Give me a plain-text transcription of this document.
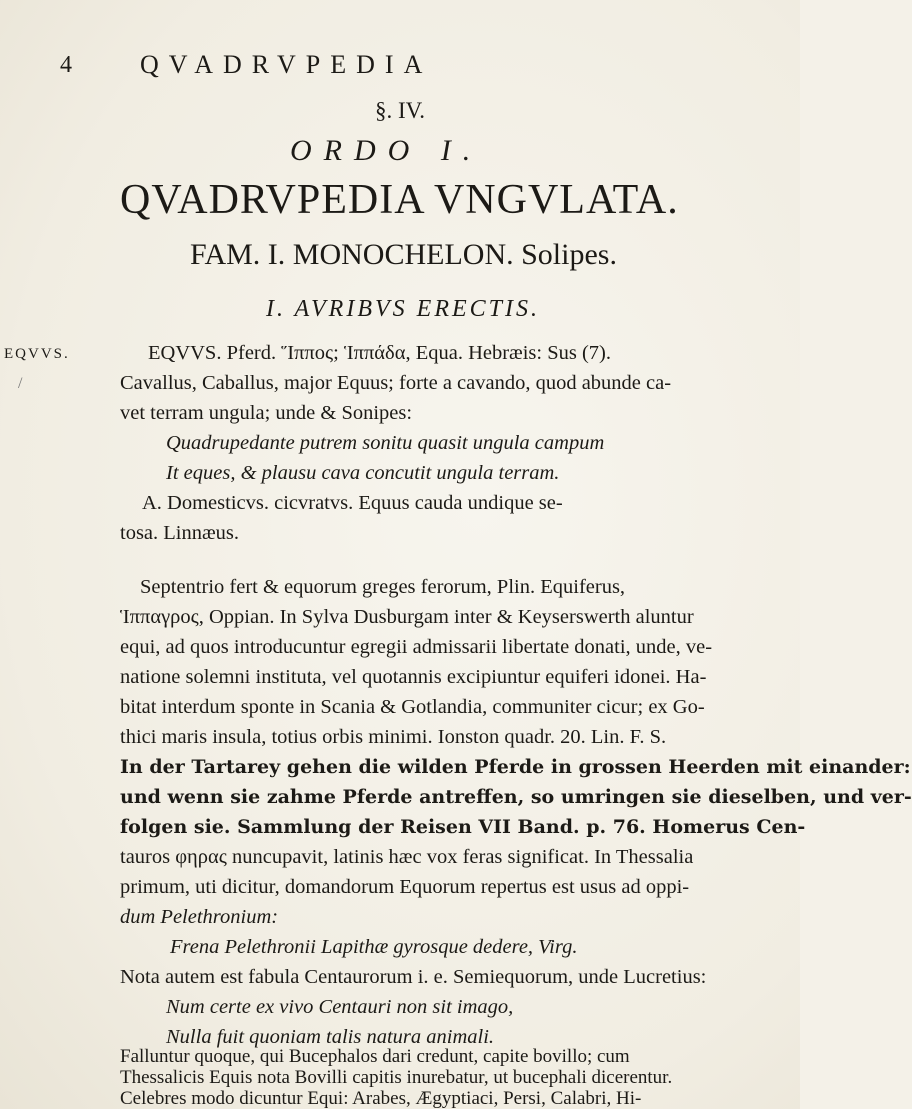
4	QVADRVPEDIA
§. IV.
ORDO I.
QVADRVPEDIA VNGVLATA.
FAM. I. MONOCHELON. Solipes.
I. AVRIBVS ERECTIS.
EQVVS.
/
EQVVS. Pferd. Ἵππος; Ἱππάδα, Equa. Hebræis: Sus (7).
Cavallus, Caballus, major Equus; forte a cavando, quod abunde ca-
vet terram ungula; unde & Sonipes:
Quadrupedante putrem sonitu quasit ungula campum
It eques, & plausu cava concutit ungula terram.
A. Domesticvs. cicvratvs. Equus cauda undique se-
tosa. Linnæus.
Septentrio fert & equorum greges ferorum, Plin. Equiferus,
Ἱππαγρος, Oppian. In Sylva Dusburgam inter & Keyserswerth aluntur
equi, ad quos introducuntur egregii admissarii libertate donati, unde, ve-
natione solemni instituta, vel quotannis excipiuntur equiferi idonei. Ha-
bitat interdum sponte in Scania & Gotlandia, communiter cicur; ex Go-
thici maris insula, totius orbis minimi. Ionston quadr. 20. Lin. F. S.
In der Tartarey gehen die wilden Pferde in grossen Heerden mit einander:
und wenn sie zahme Pferde antreffen, so umringen sie dieselben, und ver-
folgen sie. Sammlung der Reisen VII Band. p. 76. Homerus Cen-
tauros φηρας nuncupavit, latinis hæc vox feras significat. In Thessalia
primum, uti dicitur, domandorum Equorum repertus est usus ad oppi-
dum Pelethronium:
Frena Pelethronii Lapithæ gyrosque dedere, Virg.
Nota autem est fabula Centaurorum i. e. Semiequorum, unde Lucretius:
Num certe ex vivo Centauri non sit imago,
Nulla fuit quoniam talis natura animali.
Falluntur quoque, qui Bucephalos dari credunt, capite bovillo; cum
Thessalicis Equis nota Bovilli capitis inurebatur, ut bucephali dicerentur.
Celebres modo dicuntur Equi: Arabes, Ægyptiaci, Persi, Calabri, Hi-
